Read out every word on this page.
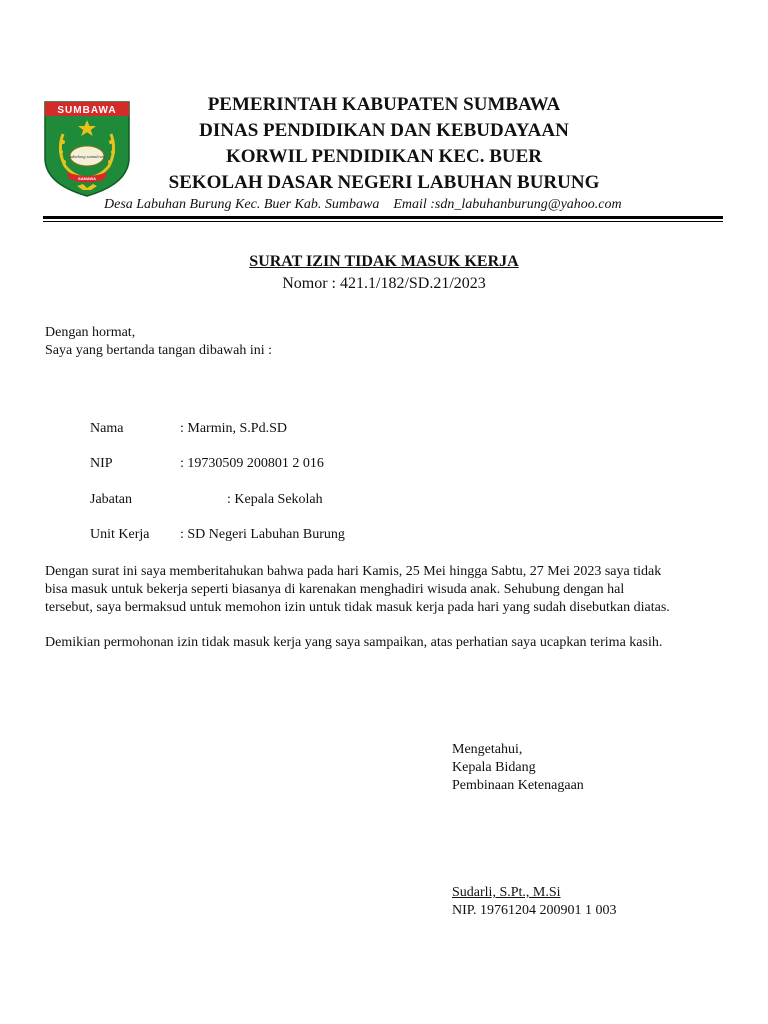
SUMBAWA
sabalong samalewa
SAMAWA
PEMERINTAH KABUPATEN SUMBAWA
DINAS PENDIDIKAN DAN KEBUDAYAAN
KORWIL PENDIDIKAN KEC. BUER
SEKOLAH DASAR NEGERI LABUHAN BURUNG
Desa Labuhan Burung Kec. Buer Kab. Sumbawa Email :sdn_labuhanburung@yahoo.com
SURAT IZIN TIDAK MASUK KERJA
Nomor : 421.1/182/SD.21/2023
Dengan hormat,
Saya yang bertanda tangan dibawah ini :
Nama	: Marmin, S.Pd.SD
NIP	: 19730509 200801 2 016
Jabatan	: Kepala Sekolah
Unit Kerja : SD Negeri Labuhan Burung
Dengan surat ini saya memberitahukan bahwa pada hari Kamis, 25 Mei hingga Sabtu, 27 Mei 2023 saya tidak
bisa masuk untuk bekerja seperti biasanya di karenakan menghadiri wisuda anak. Sehubung dengan hal
tersebut, saya bermaksud untuk memohon izin untuk tidak masuk kerja pada hari yang sudah disebutkan diatas.
Demikian permohonan izin tidak masuk kerja yang saya sampaikan, atas perhatian saya ucapkan terima kasih.
Mengetahui,
Kepala Bidang
Pembinaan Ketenagaan
Sudarli, S.Pt., M.Si
NIP. 19761204 200901 1 003
